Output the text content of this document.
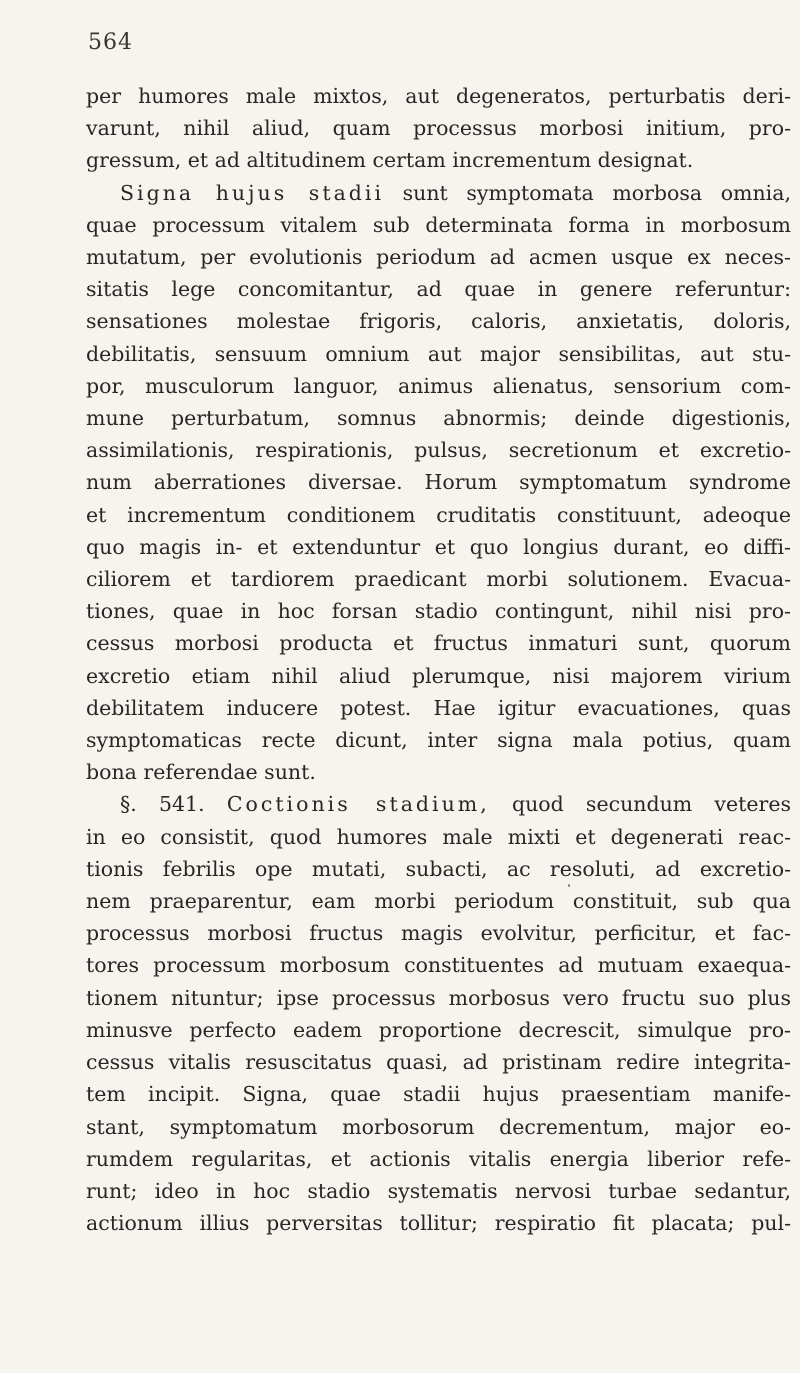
564
per humores male mixtos, aut degeneratos, perturbatis deri-
varunt, nihil aliud, quam processus morbosi initium, pro-
gressum, et ad altitudinem certam incrementum designat.
Signa hujus stadii sunt symptomata morbosa omnia,
quae processum vitalem sub determinata forma in morbosum
mutatum, per evolutionis periodum ad acmen usque ex neces-
sitatis lege concomitantur, ad quae in genere referuntur:
sensationes molestae frigoris, caloris, anxietatis, doloris,
debilitatis, sensuum omnium aut major sensibilitas, aut stu-
por, musculorum languor, animus alienatus, sensorium com-
mune perturbatum, somnus abnormis; deinde digestionis,
assimilationis, respirationis, pulsus, secretionum et excretio-
num aberrationes diversae. Horum symptomatum syndrome
et incrementum conditionem cruditatis constituunt, adeoque
quo magis in- et extenduntur et quo longius durant, eo diffi-
ciliorem et tardiorem praedicant morbi solutionem. Evacua-
tiones, quae in hoc forsan stadio contingunt, nihil nisi pro-
cessus morbosi producta et fructus inmaturi sunt, quorum
excretio etiam nihil aliud plerumque, nisi majorem virium
debilitatem inducere potest. Hae igitur evacuationes, quas
symptomaticas recte dicunt, inter signa mala potius, quam
bona referendae sunt.
§. 541. Coctionis stadium, quod secundum veteres
in eo consistit, quod humores male mixti et degenerati reac-
tionis febrilis ope mutati, subacti, ac resoluti, ad excretio-
nem praeparentur, eam morbi periodum constituit, sub qua
processus morbosi fructus magis evolvitur, perficitur, et fac-
tores processum morbosum constituentes ad mutuam exaequa-
tionem nituntur; ipse processus morbosus vero fructu suo plus
minusve perfecto eadem proportione decrescit, simulque pro-
cessus vitalis resuscitatus quasi, ad pristinam redire integrita-
tem incipit. Signa, quae stadii hujus praesentiam manife-
stant, symptomatum morbosorum decrementum, major eo-
rumdem regularitas, et actionis vitalis energia liberior refe-
runt; ideo in hoc stadio systematis nervosi turbae sedantur,
actionum illius perversitas tollitur; respiratio fit placata; pul-
